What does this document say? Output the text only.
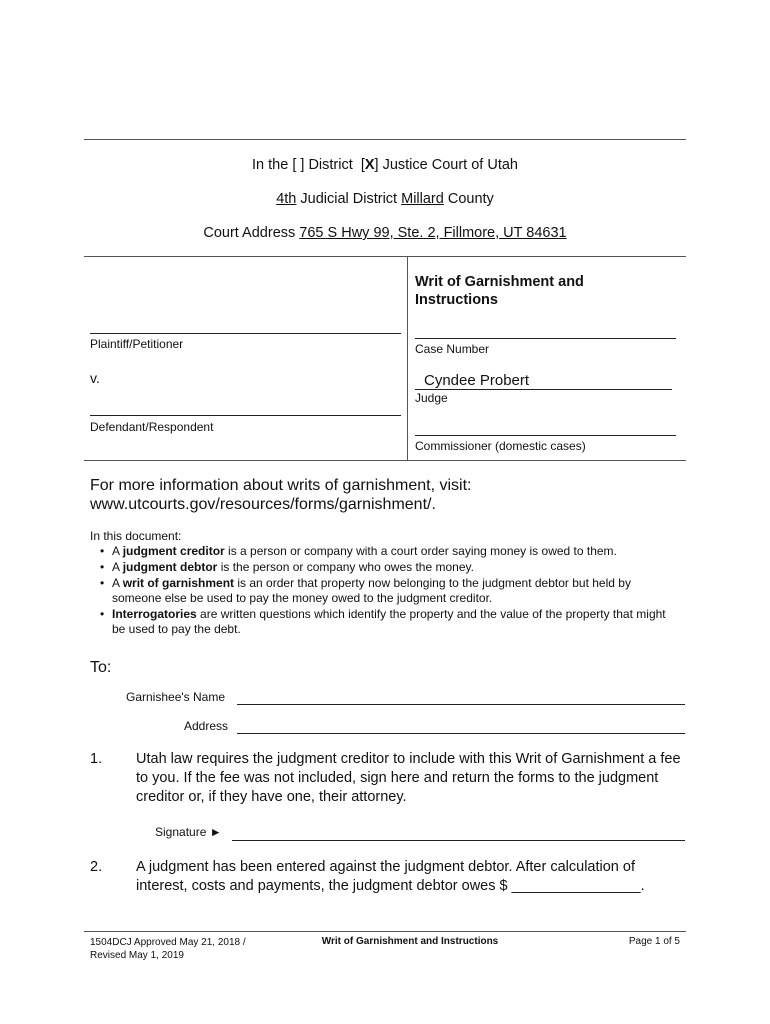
In the [ ] District [X] Justice Court of Utah
4th Judicial District Millard County
Court Address 765 S Hwy 99, Ste. 2, Fillmore, UT 84631
Plaintiff/Petitioner
v.
Defendant/Respondent
Writ of Garnishment and Instructions
Case Number
Cyndee Probert
Judge
Commissioner (domestic cases)
For more information about writs of garnishment, visit:
www.utcourts.gov/resources/forms/garnishment/.
In this document:
• A judgment creditor is a person or company with a court order saying money is owed to them.
• A judgment debtor is the person or company who owes the money.
• A writ of garnishment is an order that property now belonging to the judgment debtor but held by someone else be used to pay the money owed to the judgment creditor.
• Interrogatories are written questions which identify the property and the value of the property that might be used to pay the debt.
To:
Garnishee's Name
Address
1. Utah law requires the judgment creditor to include with this Writ of Garnishment a fee to you. If the fee was not included, sign here and return the forms to the judgment creditor or, if they have one, their attorney.
Signature ►
2. A judgment has been entered against the judgment debtor. After calculation of interest, costs and payments, the judgment debtor owes $ ________________.
1504DCJ Approved May 21, 2018 /
Revised May 1, 2019
Writ of Garnishment and Instructions	Page 1 of 5
